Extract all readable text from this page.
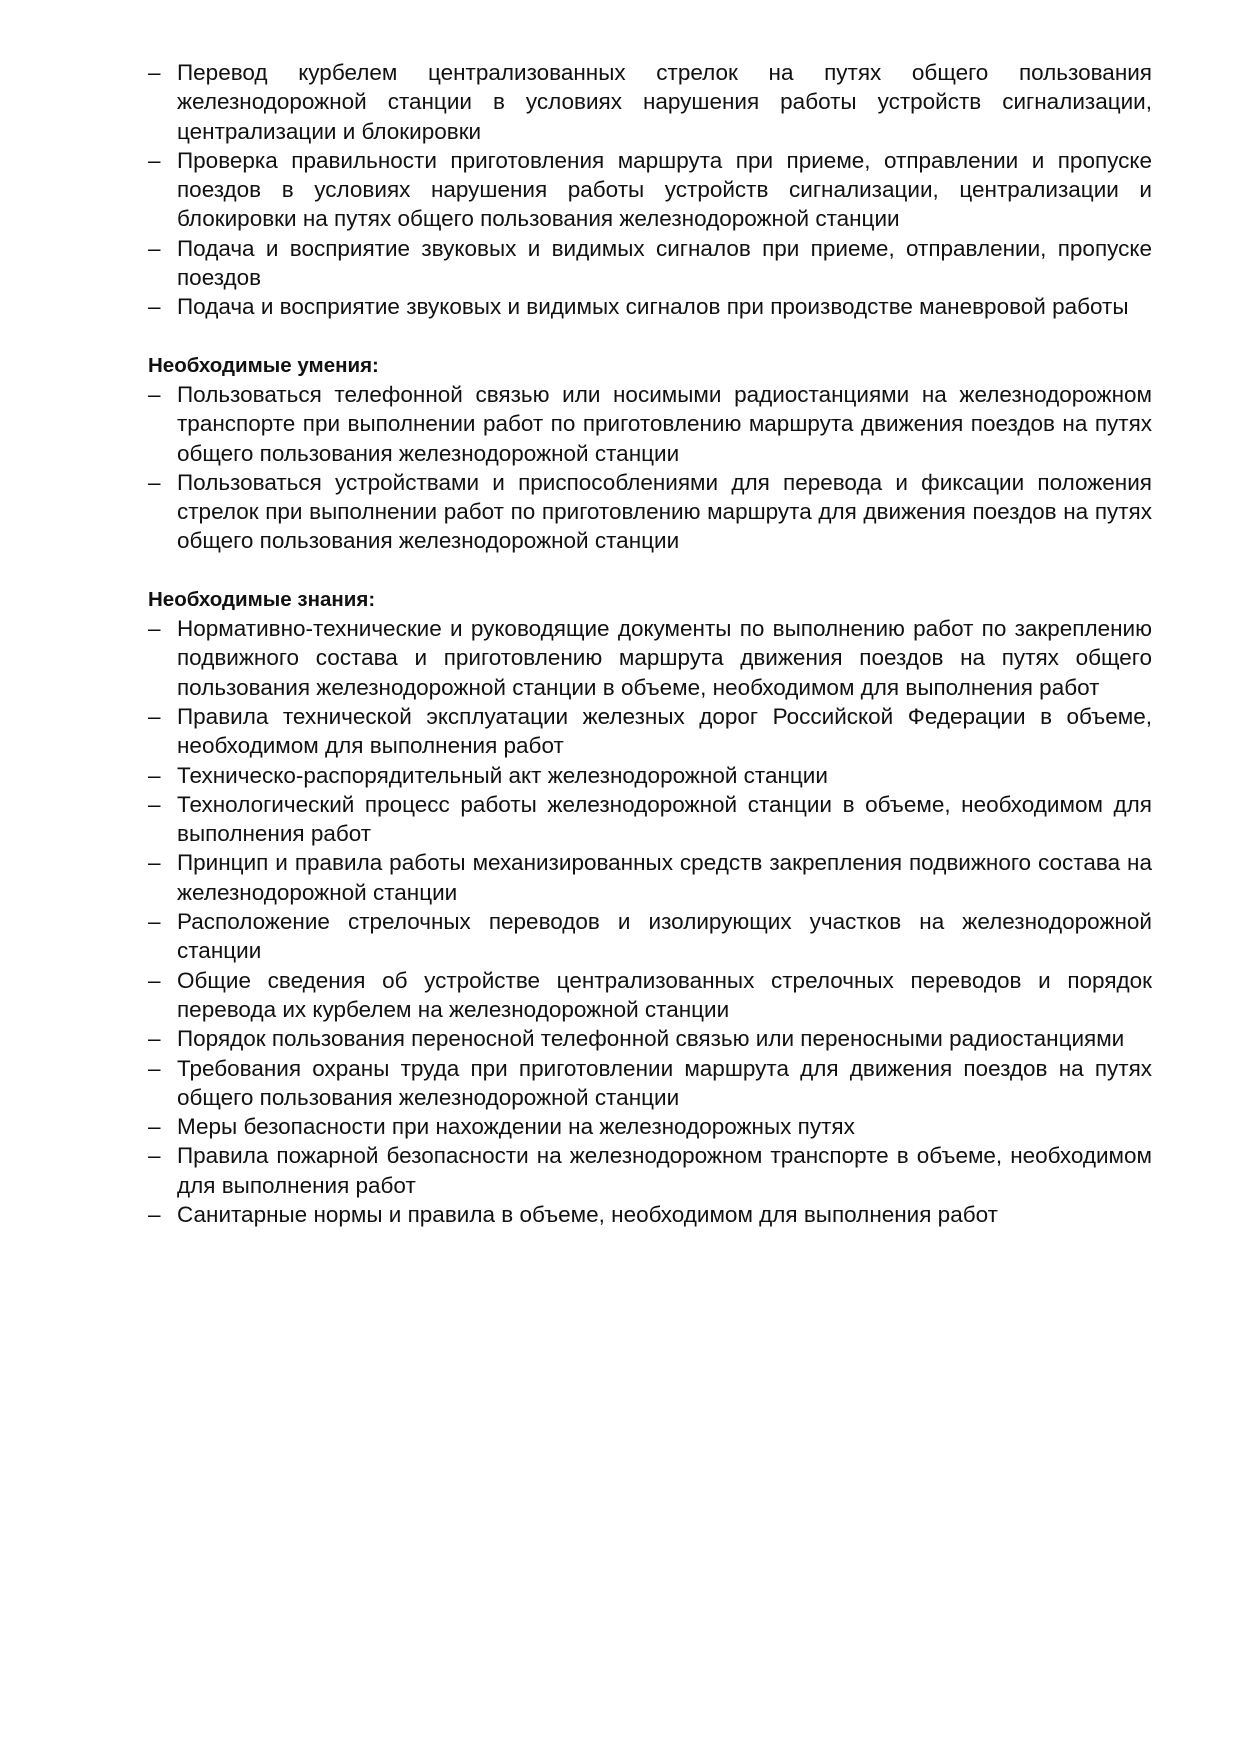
– Перевод курбелем централизованных стрелок на путях общего пользования железнодорожной станции в условиях нарушения работы устройств сигнализации, централизации и блокировки
– Проверка правильности приготовления маршрута при приеме, отправлении и пропуске поездов в условиях нарушения работы устройств сигнализации, централизации и блокировки на путях общего пользования железнодорожной станции
– Подача и восприятие звуковых и видимых сигналов при приеме, отправлении, пропуске поездов
– Подача и восприятие звуковых и видимых сигналов при производстве маневровой работы
Необходимые умения:
– Пользоваться телефонной связью или носимыми радиостанциями на железнодорожном транспорте при выполнении работ по приготовлению маршрута движения поездов на путях общего пользования железнодорожной станции
– Пользоваться устройствами и приспособлениями для перевода и фиксации положения стрелок при выполнении работ по приготовлению маршрута для движения поездов на путях общего пользования железнодорожной станции
Необходимые знания:
– Нормативно-технические и руководящие документы по выполнению работ по закреплению подвижного состава и приготовлению маршрута движения поездов на путях общего пользования железнодорожной станции в объеме, необходимом для выполнения работ
– Правила технической эксплуатации железных дорог Российской Федерации в объеме, необходимом для выполнения работ
– Техническо-распорядительный акт железнодорожной станции
– Технологический процесс работы железнодорожной станции в объеме, необходимом для выполнения работ
– Принцип и правила работы механизированных средств закрепления подвижного состава на железнодорожной станции
– Расположение стрелочных переводов и изолирующих участков на железнодорожной станции
– Общие сведения об устройстве централизованных стрелочных переводов и порядок перевода их курбелем на железнодорожной станции
– Порядок пользования переносной телефонной связью или переносными радиостанциями
– Требования охраны труда при приготовлении маршрута для движения поездов на путях общего пользования железнодорожной станции
– Меры безопасности при нахождении на железнодорожных путях
– Правила пожарной безопасности на железнодорожном транспорте в объеме, необходимом для выполнения работ
– Санитарные нормы и правила в объеме, необходимом для выполнения работ
